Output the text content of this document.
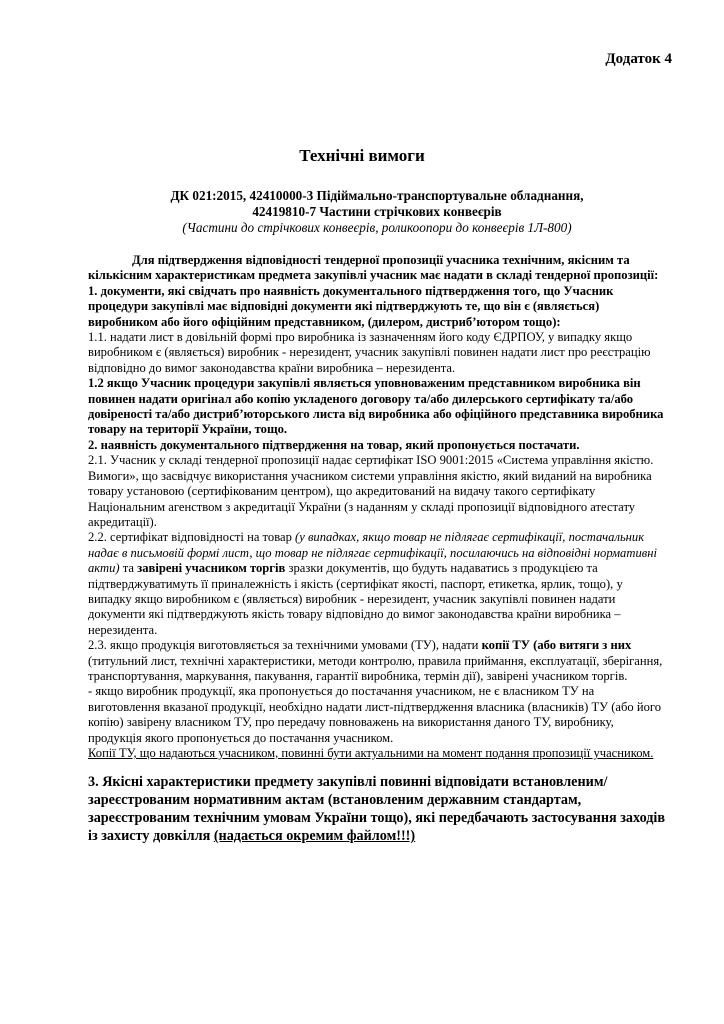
Додаток 4
Технічні вимоги
ДК 021:2015, 42410000-3 Підіймально-транспортувальне обладнання,
42419810-7 Частини стрічкових конвеєрів
(Частини до стрічкових конвеєрів, роликоопори до конвеєрів 1Л-800)

Для підтвердження відповідності тендерної пропозиції учасника технічним, якісним та кількісним характеристикам предмета закупівлі учасник має надати в складі тендерної пропозиції:

1. документи, які свідчать про наявність документального підтвердження того, що Учасник процедури закупівлі має відповідні документи які підтверджують те, що він є (являється) виробником або його офіційним представником, (дилером, дистриб’ютором тощо):

1.1. надати лист в довільній формі про виробника із зазначенням його коду ЄДРПОУ, у випадку якщо виробником є (являється) виробник - нерезидент, учасник закупівлі повинен надати лист про реєстрацію відповідно до вимог законодавства країни виробника – нерезидента.

1.2 якщо Учасник процедури закупівлі являється уповноваженим представником виробника він повинен надати оригінал або копію укладеного договору та/або дилерського сертифікату та/або довіреності та/або дистриб’юторського листа від виробника або офіційного представника виробника товару на території України, тощо.

2. наявність документального підтвердження на товар, який пропонується постачати.

2.1. Учасник у складі тендерної пропозиції надає сертифікат ISO 9001:2015 «Система управління якістю. Вимоги», що засвідчує використання учасником системи управління якістю, який виданий на виробника товару установою (сертифікованим центром), що акредитований на видачу такого сертифікату Національним агенством з акредитації України (з наданням у складі пропозиції відповідного атестату акредитації).

2.2. сертифікат відповідності на товар (у випадках, якщо товар не підлягає сертифікації, постачальник надає в письмовій формі лист, що товар не підлягає сертифікації, посилаючись на відповідні нормативні акти) та завірені учасником торгів зразки документів, що будуть надаватись з продукцією та підтверджуватимуть її приналежність і якість (сертифікат якості, паспорт, етикетка, ярлик, тощо), у випадку якщо виробником є (являється) виробник - нерезидент, учасник закупівлі повинен надати документи які підтверджують якість товару відповідно до вимог законодавства країни виробника – нерезидента.

2.3. якщо продукція виготовляється за технічними умовами (ТУ), надати копії ТУ (або витяги з них (титульний лист, технічні характеристики, методи контролю, правила приймання, експлуатації, зберігання, транспортування, маркування, пакування, гарантії виробника, термін дії), завірені учасником торгів.

- якщо виробник продукції, яка пропонується до постачання учасником, не є власником ТУ на виготовлення вказаної продукції, необхідно надати лист-підтвердження власника (власників) ТУ (або його копію) завірену власником ТУ, про передачу повноважень на використання даного ТУ, виробнику, продукція якого пропонується до постачання учасником.

Копії ТУ, що надаються учасником, повинні бути актуальними на момент подання пропозиції учасником.

3. Якісні характеристики предмету закупівлі повинні відповідати встановленим/зареєстрованим нормативним актам (встановленим державним стандартам, зареєстрованим технічним умовам України тощо), які передбачають застосування заходів із захисту довкілля (надається окремим файлом!!!)
